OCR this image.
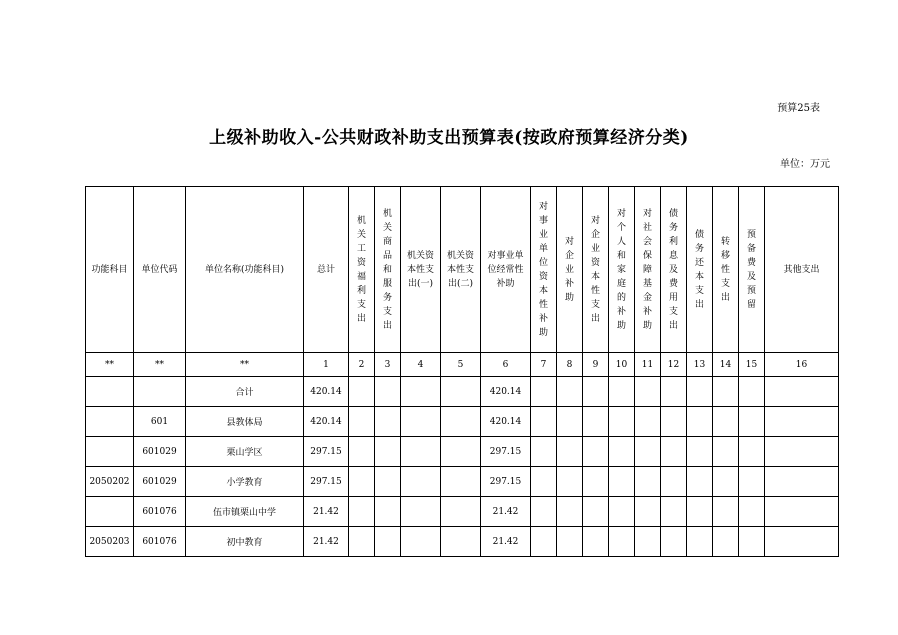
预算25表
上级补助收入-公共财政补助支出预算表(按政府预算经济分类)
单位：万元
功能科目	单位代码	单位名称(功能科目)	总计	机关工资福利支出	机关商品和服务支出	机关资本性支出(一)	机关资本性支出(二)	对事业单位经常性补助	对事业单位资本性补助	对企业补助	对企业资本性支出	对个人和家庭的补助	对社会保障基金补助	债务利息及费用支出	债务还本支出	转移性支出	预备费及预留	其他支出
**	**	**	1	2	3	4	5	6	7	8	9	10	11	12	13	14	15	16
		合计	420.14					420.14										
	601	县教体局	420.14					420.14										
	601029	栗山学区	297.15					297.15										
2050202	601029	小学教育	297.15					297.15										
	601076	伍市镇栗山中学	21.42					21.42										
2050203	601076	初中教育	21.42					21.42										
